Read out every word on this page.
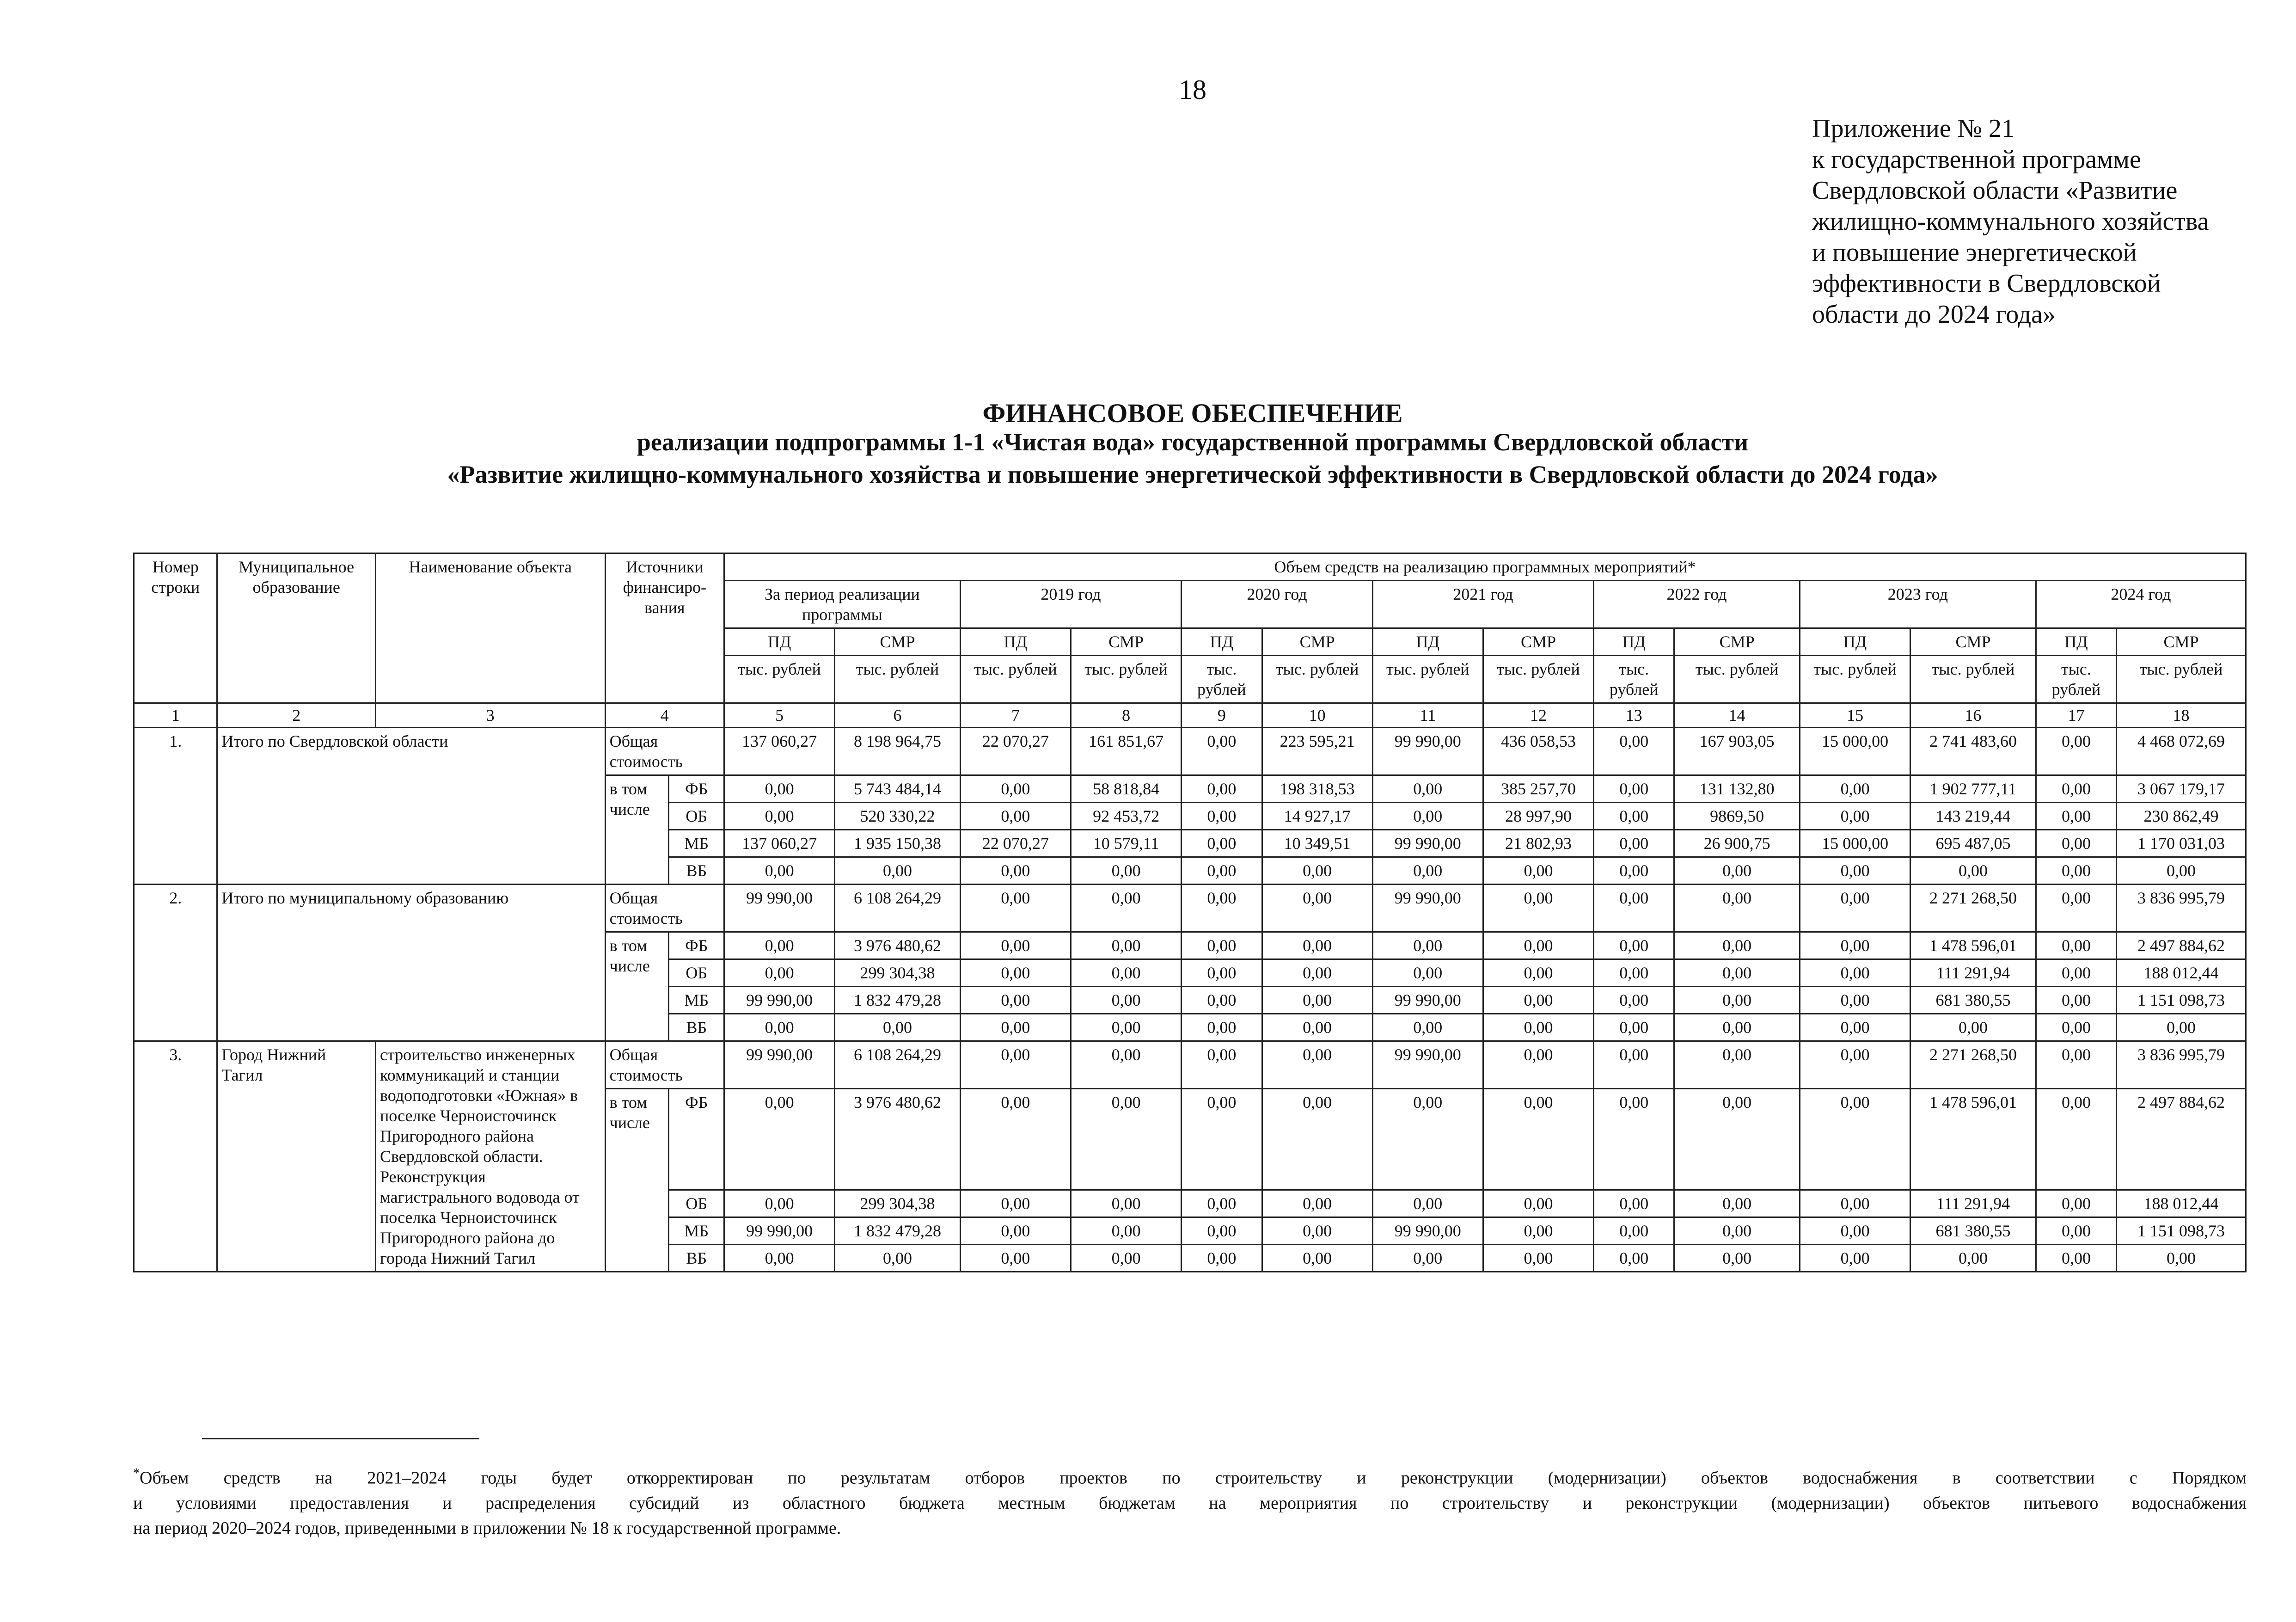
18
Приложение № 21
к государственной программе
Свердловской области «Развитие
жилищно-коммунального хозяйства
и повышение энергетической
эффективности в Свердловской
области до 2024 года»
ФИНАНСОВОЕ ОБЕСПЕЧЕНИЕ
реализации подпрограммы 1-1 «Чистая вода» государственной программы Свердловской области
«Развитие жилищно-коммунального хозяйства и повышение энергетической эффективности в Свердловской области до 2024 года»
Номер строки	Муниципальное образование	Наименование объекта	Источники финансиро-вания		Объем средств на реализацию программных мероприятий*													
					За период реализации программы		2019 год		2020 год		2021 год		2022 год		2023 год		2024 год	
					ПД	СМР	ПД	СМР	ПД	СМР	ПД	СМР	ПД	СМР	ПД	СМР	ПД	СМР
					тыс. рублей	тыс. рублей	тыс. рублей	тыс. рублей	тыс. рублей	тыс. рублей	тыс. рублей	тыс. рублей	тыс. рублей	тыс. рублей	тыс. рублей	тыс. рублей	тыс. рублей	тыс. рублей
1	2	3	4		5	6	7	8	9	10	11	12	13	14	15	16	17	18
1.	Итого по Свердловской области		Общая стоимость		137 060,27	8 198 964,75	22 070,27	161 851,67	0,00	223 595,21	99 990,00	436 058,53	0,00	167 903,05	15 000,00	2 741 483,60	0,00	4 468 072,69
			в том числе	ФБ	0,00	5 743 484,14	0,00	58 818,84	0,00	198 318,53	0,00	385 257,70	0,00	131 132,80	0,00	1 902 777,11	0,00	3 067 179,17
				ОБ	0,00	520 330,22	0,00	92 453,72	0,00	14 927,17	0,00	28 997,90	0,00	9869,50	0,00	143 219,44	0,00	230 862,49
				МБ	137 060,27	1 935 150,38	22 070,27	10 579,11	0,00	10 349,51	99 990,00	21 802,93	0,00	26 900,75	15 000,00	695 487,05	0,00	1 170 031,03
				ВБ	0,00	0,00	0,00	0,00	0,00	0,00	0,00	0,00	0,00	0,00	0,00	0,00	0,00	0,00
2.	Итого по муниципальному образованию		Общая стоимость		99 990,00	6 108 264,29	0,00	0,00	0,00	0,00	99 990,00	0,00	0,00	0,00	0,00	2 271 268,50	0,00	3 836 995,79
			в том числе	ФБ	0,00	3 976 480,62	0,00	0,00	0,00	0,00	0,00	0,00	0,00	0,00	0,00	1 478 596,01	0,00	2 497 884,62
				ОБ	0,00	299 304,38	0,00	0,00	0,00	0,00	0,00	0,00	0,00	0,00	0,00	111 291,94	0,00	188 012,44
				МБ	99 990,00	1 832 479,28	0,00	0,00	0,00	0,00	99 990,00	0,00	0,00	0,00	0,00	681 380,55	0,00	1 151 098,73
				ВБ	0,00	0,00	0,00	0,00	0,00	0,00	0,00	0,00	0,00	0,00	0,00	0,00	0,00	0,00
3.	Город Нижний Тагил	строительство инженерных коммуникаций и станции водоподготовки «Южная» в поселке Черноисточинск Пригородного района Свердловской области. Реконструкция магистрального водовода от поселка Черноисточинск Пригородного района до города Нижний Тагил	Общая стоимость		99 990,00	6 108 264,29	0,00	0,00	0,00	0,00	99 990,00	0,00	0,00	0,00	0,00	2 271 268,50	0,00	3 836 995,79
			в том числе	ФБ	0,00	3 976 480,62	0,00	0,00	0,00	0,00	0,00	0,00	0,00	0,00	0,00	1 478 596,01	0,00	2 497 884,62
				ОБ	0,00	299 304,38	0,00	0,00	0,00	0,00	0,00	0,00	0,00	0,00	0,00	111 291,94	0,00	188 012,44
				МБ	99 990,00	1 832 479,28	0,00	0,00	0,00	0,00	99 990,00	0,00	0,00	0,00	0,00	681 380,55	0,00	1 151 098,73
				ВБ	0,00	0,00	0,00	0,00	0,00	0,00	0,00	0,00	0,00	0,00	0,00	0,00	0,00	0,00
*Объем средств на 2021–2024 годы будет откорректирован по результатам отборов проектов по строительству и реконструкции (модернизации) объектов водоснабжения в соответствии с Порядком
и условиями предоставления и распределения субсидий из областного бюджета местным бюджетам на мероприятия по строительству и реконструкции (модернизации) объектов питьевого водоснабжения
на период 2020–2024 годов, приведенными в приложении № 18 к государственной программе.
